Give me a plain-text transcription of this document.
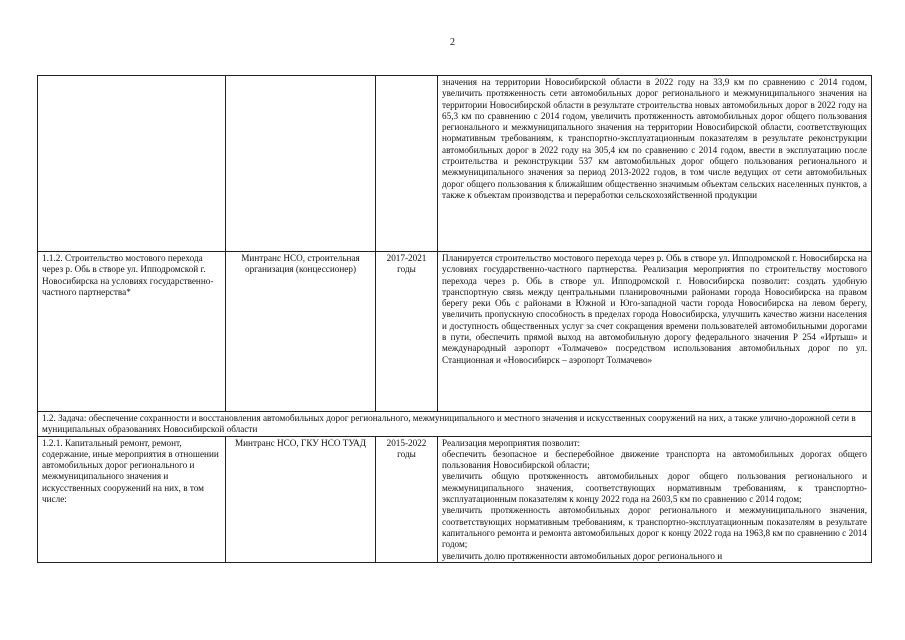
2

			значения на территории Новосибирской области в 2022 году на 33,9 км по сравнению с 2014 годом, увеличить протяженность сети автомобильных дорог регионального и межмуниципального значения на территории Новосибирской области в результате строительства новых автомобильных дорог в 2022 году на 65,3 км по сравнению с 2014 годом, увеличить протяженность автомобильных дорог общего пользования регионального и межмуниципального значения на территории Новосибирской области, соответствующих нормативным требованиям, к транспортно-эксплуатационным показателям в результате реконструкции автомобильных дорог в 2022 году на 305,4 км по сравнению с 2014 годом, ввести в эксплуатацию после строительства и реконструкции 537 км автомобильных дорог общего пользования регионального и межмуниципального значения за период 2013-2022 годов, в том числе ведущих от сети автомобильных дорог общего пользования к ближайшим общественно значимым объектам сельских населенных пунктов, а также к объектам производства и переработки сельскохозяйственной продукции

1.1.2. Строительство мостового перехода через р. Обь в створе ул. Ипподромской г. Новосибирска на условиях государственно-частного партнерства*	Минтранс НСО, строительная организация (концессионер)	2017-2021 годы	Планируется строительство мостового перехода через р. Обь в створе ул. Ипподромской г. Новосибирска на условиях государственно-частного партнерства. Реализация мероприятия по строительству мостового перехода через р. Обь в створе ул. Ипподромской г. Новосибирска позволит: создать удобную транспортную связь между центральными планировочными районами города Новосибирска на правом берегу реки Обь с районами в Южной и Юго-западной части города Новосибирска на левом берегу, увеличить пропускную способность в пределах города Новосибирска, улучшить качество жизни населения и доступность общественных услуг за счет сокращения времени пользователей автомобильными дорогами в пути, обеспечить прямой выход на автомобильную дорогу федерального значения Р 254 «Иртыш» и международный аэропорт «Толмачево» посредством использования автомобильных дорог по ул. Станционная и «Новосибирск – аэропорт Толмачево»

1.2. Задача: обеспечение сохранности и восстановления автомобильных дорог регионального, межмуниципального и местного значения и искусственных сооружений на них, а также улично-дорожной сети в муниципальных образованиях Новосибирской области			
1.2.1. Капитальный ремонт, ремонт, содержание, иные мероприятия в отношении автомобильных дорог регионального и межмуниципального значения и искусственных сооружений на них, в том числе:	Минтранс НСО, ГКУ НСО ТУАД	2015-2022 годы	Реализация мероприятия позволит:

обеспечить безопасное и бесперебойное движение транспорта на автомобильных дорогах общего пользования Новосибирской области;

увеличить общую протяженность автомобильных дорог общего пользования регионального и межмуниципального значения, соответствующих нормативным требованиям, к транспортно-эксплуатационным показателям к концу 2022 года на 2603,5 км по сравнению с 2014 годом;

увеличить протяженность автомобильных дорог регионального и межмуниципального значения, соответствующих нормативным требованиям, к транспортно-эксплуатационным показателям в результате капитального ремонта и ремонта автомобильных дорог к концу 2022 года на 1963,8 км по сравнению с 2014 годом;

увеличить долю протяженности автомобильных дорог регионального и
